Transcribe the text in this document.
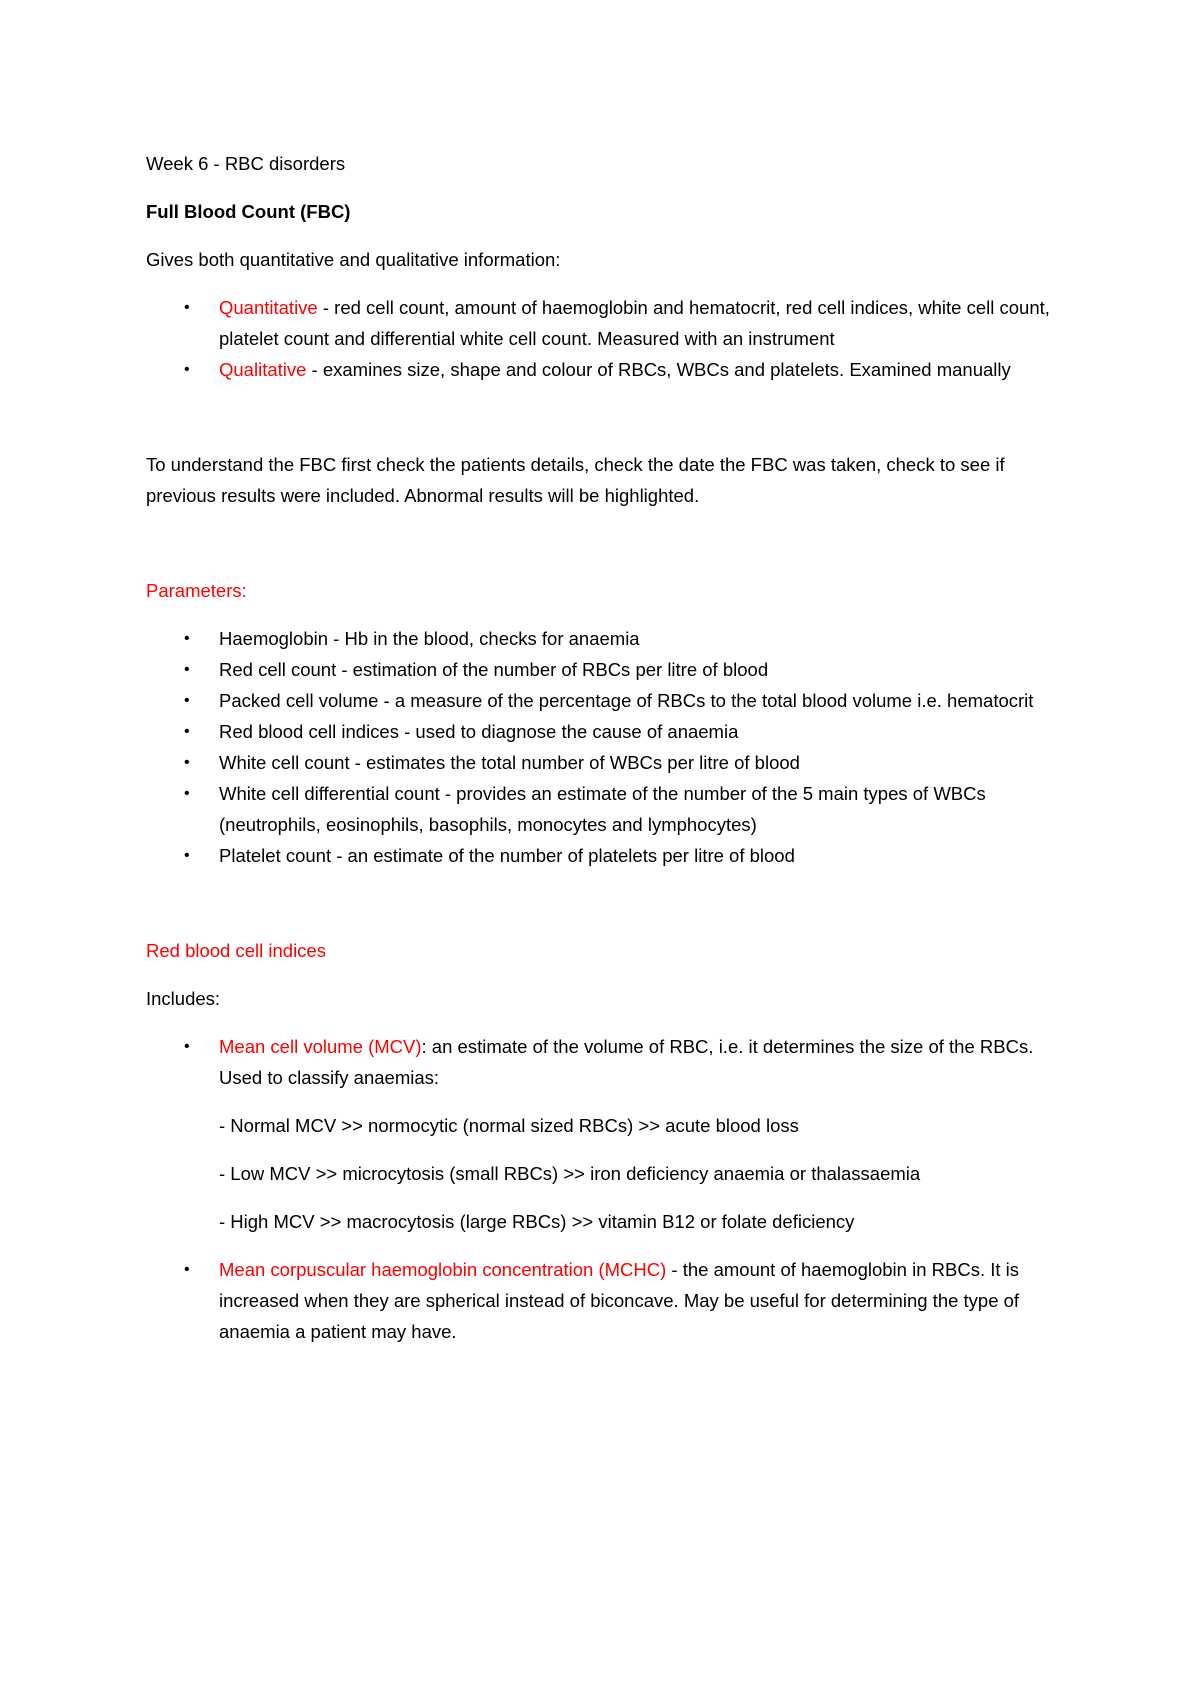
Week 6 - RBC disorders

Full Blood Count (FBC)

Gives both quantitative and qualitative information:

• Quantitative - red cell count, amount of haemoglobin and hematocrit, red cell indices, white cell count, platelet count and differential white cell count. Measured with an instrument
• Qualitative - examines size, shape and colour of RBCs, WBCs and platelets. Examined manually

To understand the FBC first check the patients details, check the date the FBC was taken, check to see if previous results were included. Abnormal results will be highlighted.

Parameters:

• Haemoglobin - Hb in the blood, checks for anaemia
• Red cell count - estimation of the number of RBCs per litre of blood
• Packed cell volume - a measure of the percentage of RBCs to the total blood volume i.e. hematocrit
• Red blood cell indices - used to diagnose the cause of anaemia
• White cell count - estimates the total number of WBCs per litre of blood
• White cell differential count - provides an estimate of the number of the 5 main types of WBCs (neutrophils, eosinophils, basophils, monocytes and lymphocytes)
• Platelet count - an estimate of the number of platelets per litre of blood

Red blood cell indices

Includes:

• Mean cell volume (MCV): an estimate of the volume of RBC, i.e. it determines the size of the RBCs. Used to classify anaemias:

- Normal MCV >> normocytic (normal sized RBCs) >> acute blood loss

- Low MCV >> microcytosis (small RBCs) >> iron deficiency anaemia or thalassaemia

- High MCV >> macrocytosis (large RBCs) >> vitamin B12 or folate deficiency

• Mean corpuscular haemoglobin concentration (MCHC) - the amount of haemoglobin in RBCs. It is increased when they are spherical instead of biconcave. May be useful for determining the type of anaemia a patient may have.
